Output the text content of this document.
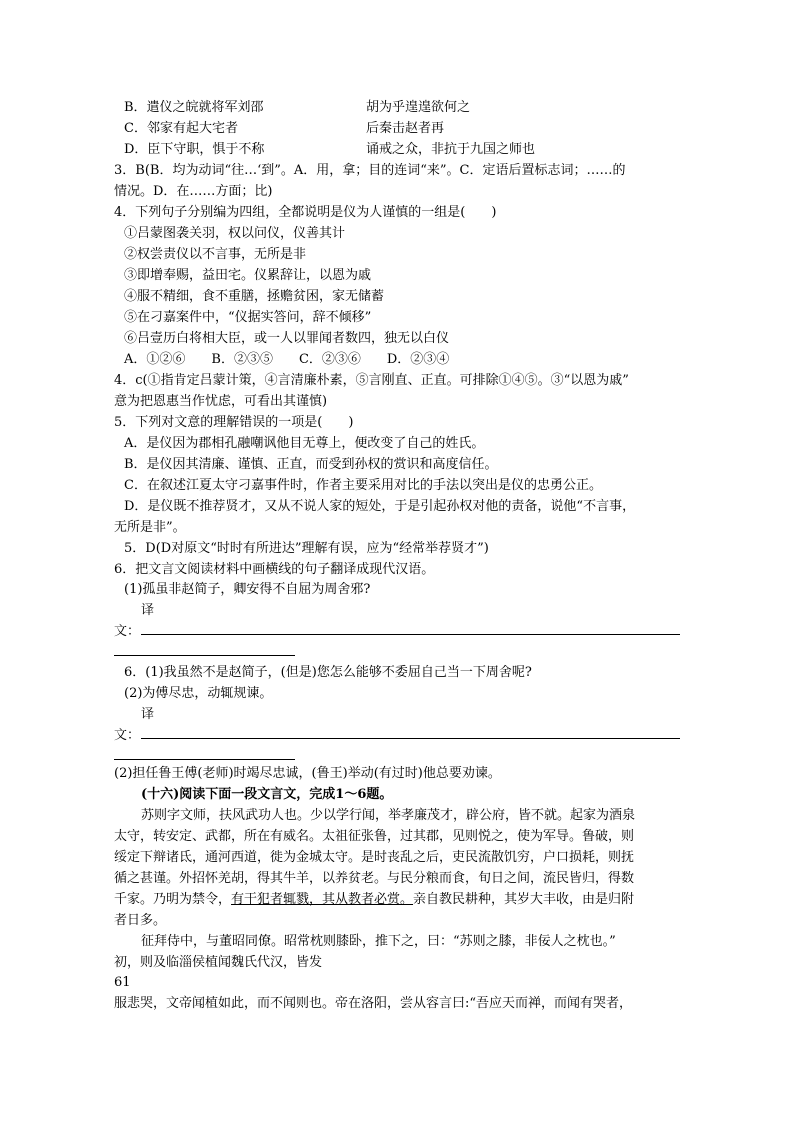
B．遣仪之皖就将军刘邵	胡为乎遑遑欲何之
C．邻家有起大宅者	后秦击赵者再
D．臣下守职，惧于不称	诵戒之众，非抗于九国之师也
3．B(B．均为动词“往…‘到”。A．用，拿；目的连词“来”。C．定语后置标志词；……的
情况。D．在……方面；比)
4．下列句子分别编为四组，全都说明是仪为人谨慎的一组是(　　)
①吕蒙图袭关羽，权以问仪，仪善其计
②权尝责仪以不言事，无所是非
③即增奉赐，益田宅。仪累辞让，以恩为戚
④服不精细，食不重膳，拯赡贫困，家无储蓄
⑤在刁嘉案件中，“仪据实答问，辞不倾移”
⑥吕壹历白将相大臣，或一人以罪闻者数四，独无以白仪
A．①②⑥　　B．②③⑤　　C．②③⑥　　D．②③④
4．c(①指肯定吕蒙计策，④言清廉朴素，⑤言刚直、正直。可排除①④⑤。③“以恩为戚”
意为把恩惠当作忧虑，可看出其谨慎)
5．下列对文意的理解错误的一项是(　　)
A．是仪因为郡相孔融嘲讽他目无尊上，便改变了自己的姓氏。
B．是仪因其清廉、谨慎、正直，而受到孙权的赏识和高度信任。
C．在叙述江夏太守刁嘉事件时，作者主要采用对比的手法以突出是仪的忠勇公正。
D．是仪既不推荐贤才，又从不说人家的短处，于是引起孙权对他的责备，说他“不言事，
无所是非”。
5．D(D对原文“时时有所进达”理解有误，应为“经常举荐贤才”)
6．把文言文阅读材料中画横线的句子翻译成现代汉语。
(1)孤虽非赵简子，卿安得不自屈为周舍邪?
译
文：
6．(1)我虽然不是赵简子，(但是)您怎么能够不委屈自己当一下周舍呢?
(2)为傅尽忠，动辄规谏。
译
文：
(2)担任鲁王傅(老师)时竭尽忠诚，(鲁王)举动(有过时)他总要劝谏。
(十六)阅读下面一段文言文，完成1～6题。
苏则字文师，扶风武功人也。少以学行闻，举孝廉茂才，辟公府，皆不就。起家为酒泉
太守，转安定、武都，所在有威名。太祖征张鲁，过其郡，见则悦之，使为军导。鲁破，则
绥定下辩诸氐，通河西道，徙为金城太守。是时丧乱之后，吏民流散饥穷，户口损耗，则抚
循之甚谨。外招怀羌胡，得其牛羊，以养贫老。与民分粮而食，旬日之间，流民皆归，得数
千家。乃明为禁令，有干犯者辄戮，其从教者必赏。亲自教民耕种，其岁大丰收，由是归附
者日多。
征拜侍中，与董昭同僚。昭常枕则膝卧，推下之，曰：“苏则之膝，非佞人之枕也。”
初，则及临淄侯植闻魏氏代汉，皆发
61
服悲哭，文帝闻植如此，而不闻则也。帝在洛阳，尝从容言曰:“吾应天而禅，而闻有哭者，
